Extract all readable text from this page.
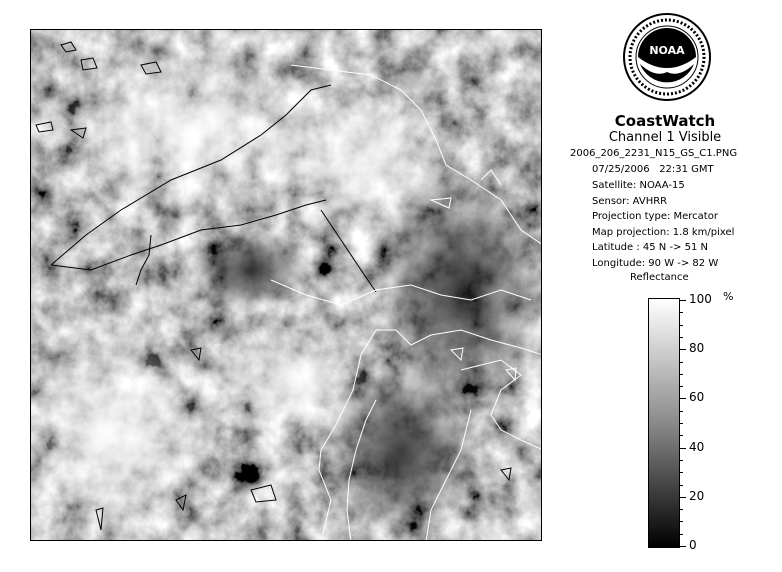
NOAA
CoastWatch
Channel 1 Visible
2006_206_2231_N15_GS_C1.PNG
07/25/2006 22:31 GMT
Satellite: NOAA-15
Sensor: AVHRR
Projection type: Mercator
Map projection: 1.8 km/pixel
Latitude : 45 N -> 51 N
Longitude: 90 W -> 82 W
Reflectance
%
100
80
60
40
20
0
